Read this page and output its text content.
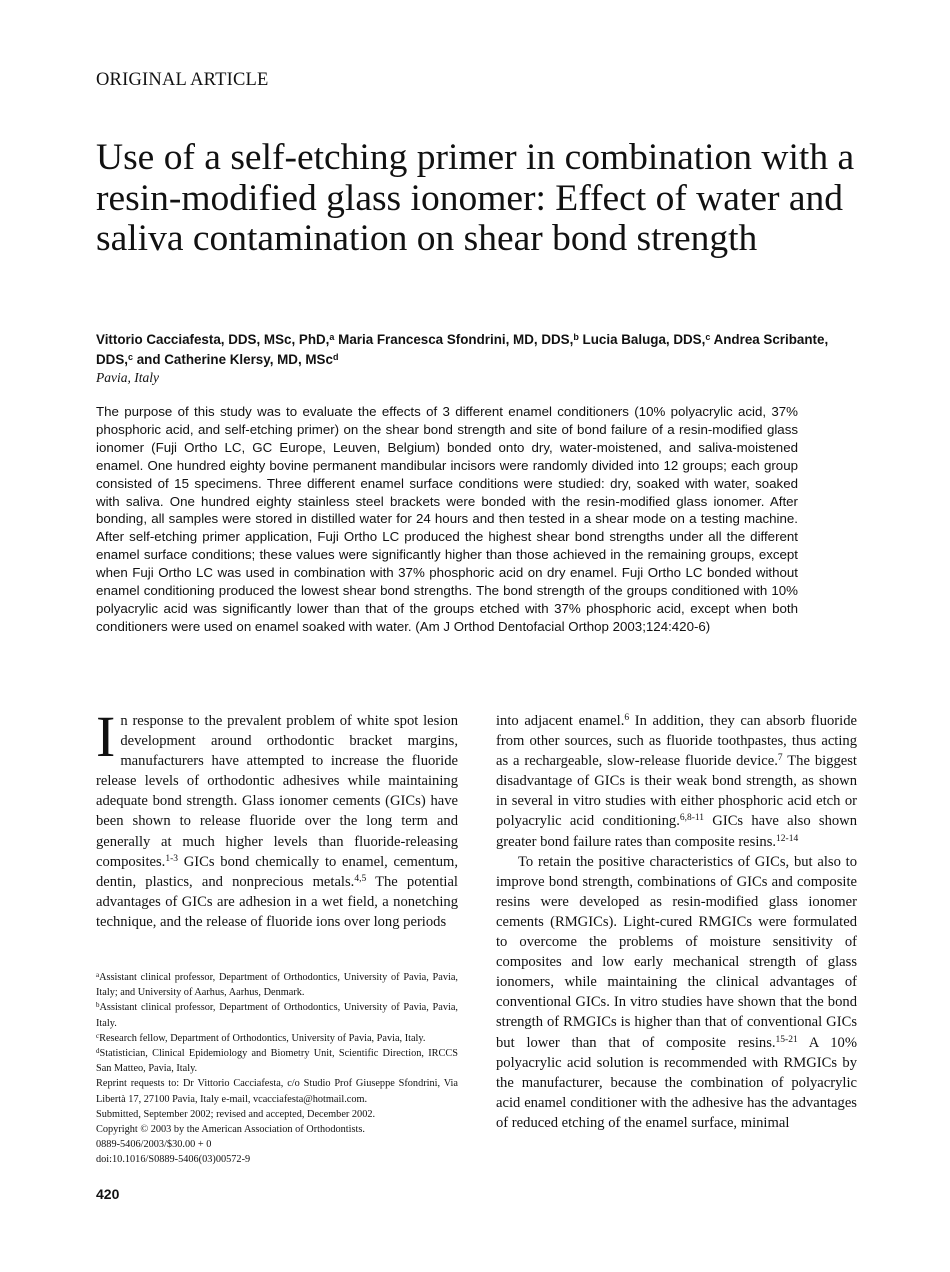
ORIGINAL ARTICLE
Use of a self-etching primer in combination with a resin-modified glass ionomer: Effect of water and saliva contamination on shear bond strength
Vittorio Cacciafesta, DDS, MSc, PhD,$^a$ Maria Francesca Sfondrini, MD, DDS,$^b$ Lucia Baluga, DDS,$^c$ Andrea Scribante, DDS,$^c$ and Catherine Klersy, MD, MSc$^d$
Pavia, Italy
The purpose of this study was to evaluate the effects of 3 different enamel conditioners (10% polyacrylic acid, 37% phosphoric acid, and self-etching primer) on the shear bond strength and site of bond failure of a resin-modified glass ionomer (Fuji Ortho LC, GC Europe, Leuven, Belgium) bonded onto dry, water-moistened, and saliva-moistened enamel. One hundred eighty bovine permanent mandibular incisors were randomly divided into 12 groups; each group consisted of 15 specimens. Three different enamel surface conditions were studied: dry, soaked with water, soaked with saliva. One hundred eighty stainless steel brackets were bonded with the resin-modified glass ionomer. After bonding, all samples were stored in distilled water for 24 hours and then tested in a shear mode on a testing machine. After self-etching primer application, Fuji Ortho LC produced the highest shear bond strengths under all the different enamel surface conditions; these values were significantly higher than those achieved in the remaining groups, except when Fuji Ortho LC was used in combination with 37% phosphoric acid on dry enamel. Fuji Ortho LC bonded without enamel conditioning produced the lowest shear bond strengths. The bond strength of the groups conditioned with 10% polyacrylic acid was significantly lower than that of the groups etched with 37% phosphoric acid, except when both conditioners were used on enamel soaked with water. (Am J Orthod Dentofacial Orthop 2003;124:420-6)

In response to the prevalent problem of white spot lesion development around orthodontic bracket margins, manufacturers have attempted to increase the fluoride release levels of orthodontic adhesives while maintaining adequate bond strength. Glass ionomer cements (GICs) have been shown to release fluoride over the long term and generally at much higher levels than fluoride-releasing composites.$^{1-3}$ GICs bond chemically to enamel, cementum, dentin, plastics, and nonprecious metals.$^{4,5}$ The potential advantages of GICs are adhesion in a wet field, a nonetching technique, and the release of fluoride ions over long periods

into adjacent enamel.$^6$ In addition, they can absorb fluoride from other sources, such as fluoride toothpastes, thus acting as a rechargeable, slow-release fluoride device.$^7$ The biggest disadvantage of GICs is their weak bond strength, as shown in several in vitro studies with either phosphoric acid etch or polyacrylic acid conditioning.$^{6,8-11}$ GICs have also shown greater bond failure rates than composite resins.$^{12-14}$

To retain the positive characteristics of GICs, but also to improve bond strength, combinations of GICs and composite resins were developed as resin-modified glass ionomer cements (RMGICs). Light-cured RMGICs were formulated to overcome the problems of moisture sensitivity of composites and low early mechanical strength of glass ionomers, while maintaining the clinical advantages of conventional GICs. In vitro studies have shown that the bond strength of RMGICs is higher than that of conventional GICs but lower than that of composite resins.$^{15-21}$ A 10% polyacrylic acid solution is recommended with RMGICs by the manufacturer, because the combination of polyacrylic acid enamel conditioner with the adhesive has the advantages of reduced etching of the enamel surface, minimal

$^a$Assistant clinical professor, Department of Orthodontics, University of Pavia, Pavia, Italy; and University of Aarhus, Aarhus, Denmark.
$^b$Assistant clinical professor, Department of Orthodontics, University of Pavia, Pavia, Italy.
$^c$Research fellow, Department of Orthodontics, University of Pavia, Pavia, Italy.
$^d$Statistician, Clinical Epidemiology and Biometry Unit, Scientific Direction, IRCCS San Matteo, Pavia, Italy.
Reprint requests to: Dr Vittorio Cacciafesta, c/o Studio Prof Giuseppe Sfondrini, Via Libertà 17, 27100 Pavia, Italy e-mail, vcacciafesta@hotmail.com.
Submitted, September 2002; revised and accepted, December 2002.
Copyright © 2003 by the American Association of Orthodontists.
0889-5406/2003/$30.00 + 0
doi:10.1016/S0889-5406(03)00572-9
420
